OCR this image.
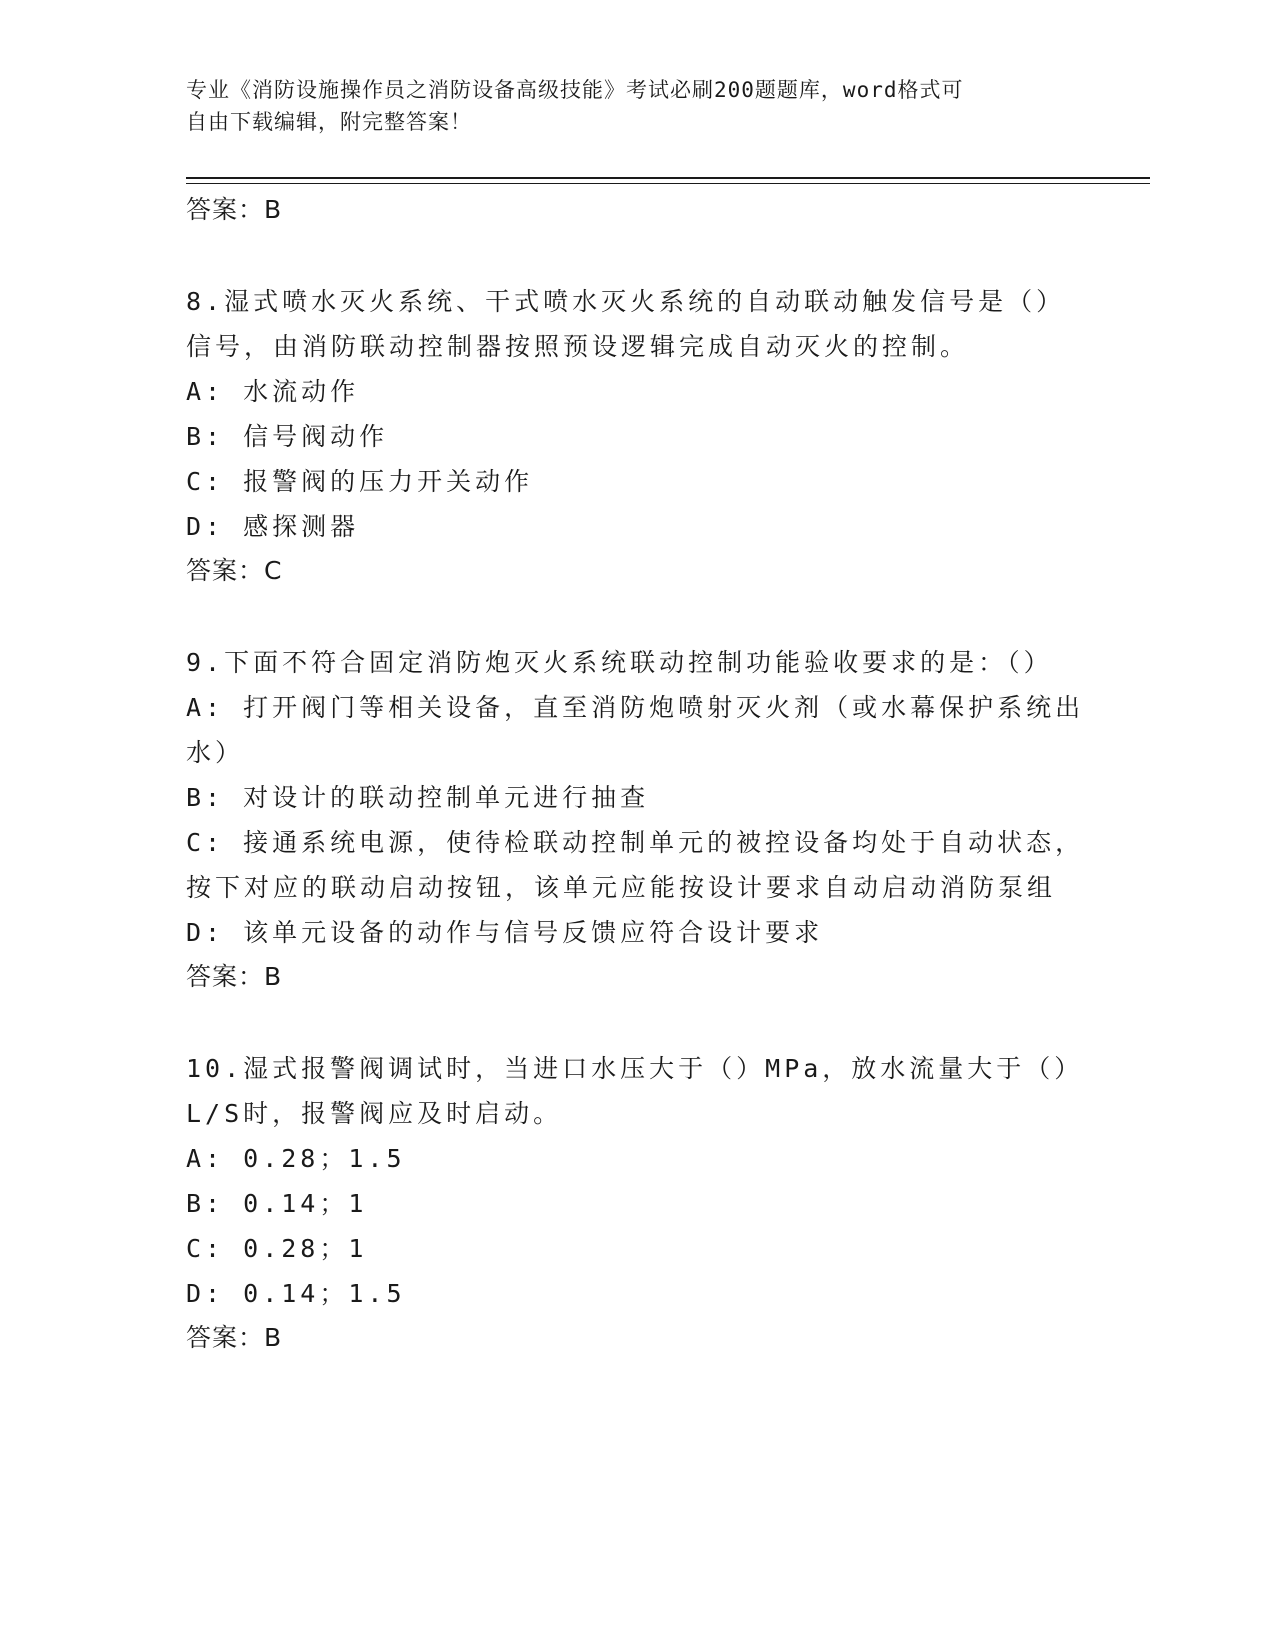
专业《消防设施操作员之消防设备高级技能》考试必刷200题题库，word格式可
自由下载编辑，附完整答案！
答案：B
8.湿式喷水灭火系统、干式喷水灭火系统的自动联动触发信号是（）
信号，由消防联动控制器按照预设逻辑完成自动灭火的控制。
A: 水流动作
B: 信号阀动作
C: 报警阀的压力开关动作
D: 感探测器
答案：C
9.下面不符合固定消防炮灭火系统联动控制功能验收要求的是：（）
A: 打开阀门等相关设备，直至消防炮喷射灭火剂（或水幕保护系统出
水）
B: 对设计的联动控制单元进行抽查
C: 接通系统电源，使待检联动控制单元的被控设备均处于自动状态，
按下对应的联动启动按钮，该单元应能按设计要求自动启动消防泵组
D: 该单元设备的动作与信号反馈应符合设计要求
答案：B
10.湿式报警阀调试时，当进口水压大于（）MPa，放水流量大于（）
L/S时，报警阀应及时启动。
A: 0.28；1.5
B: 0.14；1
C: 0.28；1
D: 0.14；1.5
答案：B
